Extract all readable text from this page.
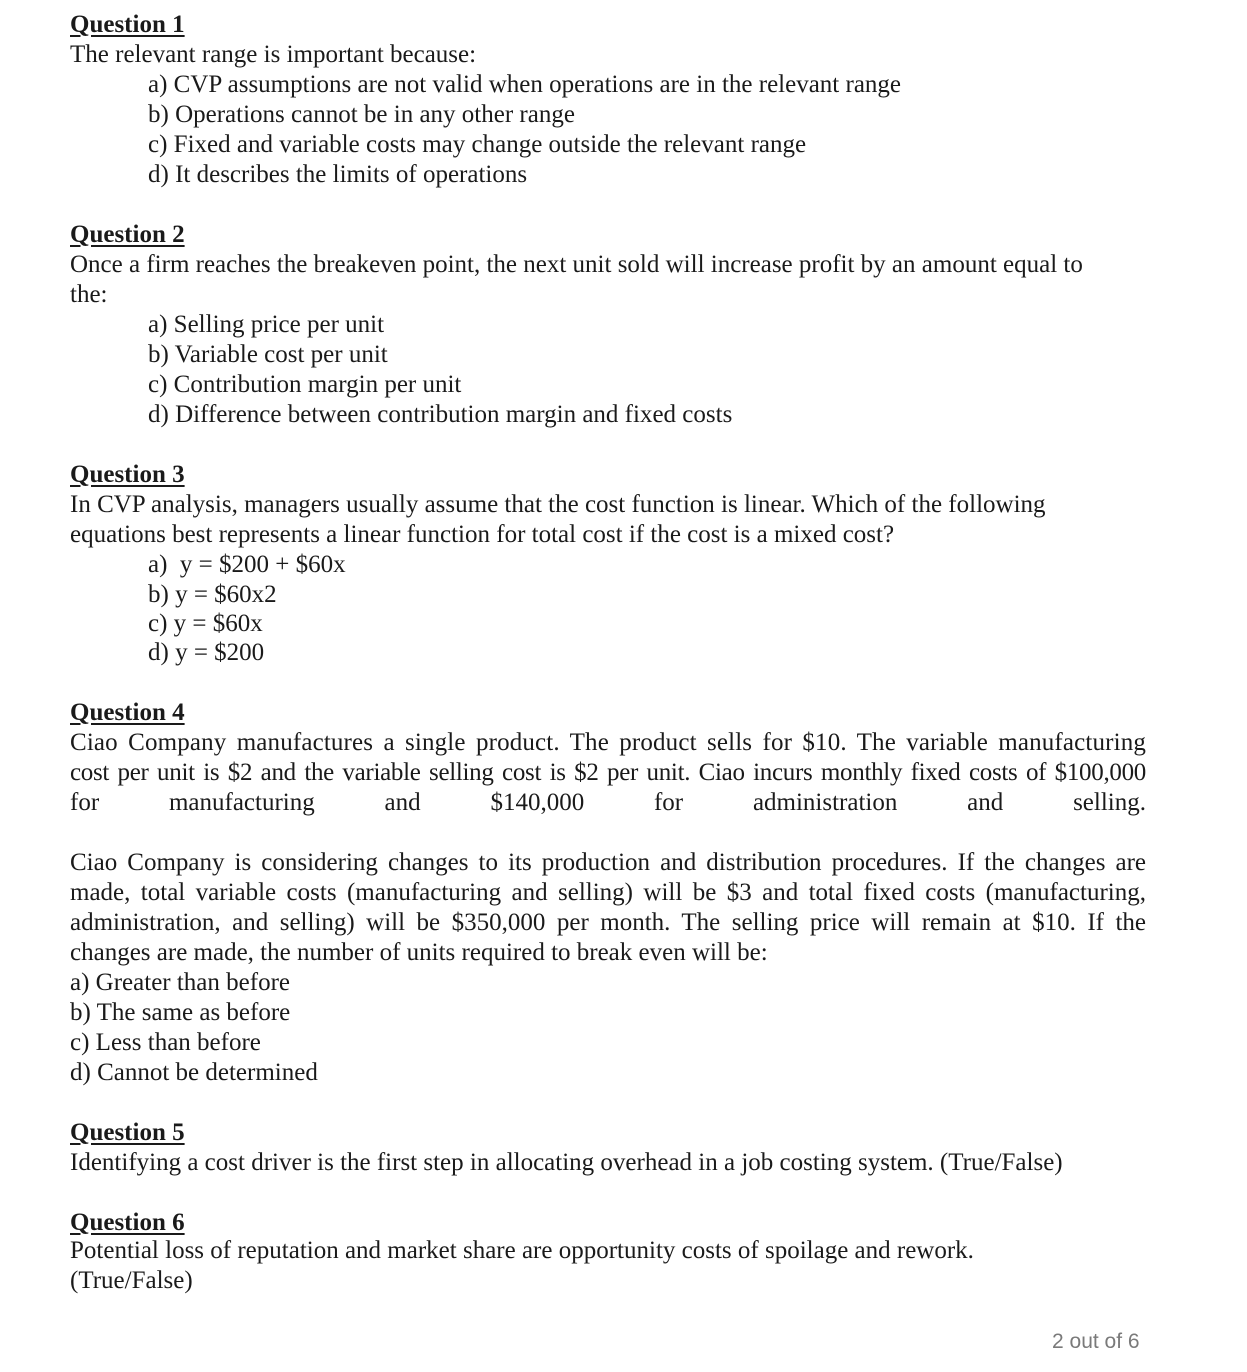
Question 1
The relevant range is important because:
a) CVP assumptions are not valid when operations are in the relevant range
b) Operations cannot be in any other range
c) Fixed and variable costs may change outside the relevant range
d) It describes the limits of operations
Question 2
Once a firm reaches the breakeven point, the next unit sold will increase profit by an amount equal to
the:
a) Selling price per unit
b) Variable cost per unit
c) Contribution margin per unit
d) Difference between contribution margin and fixed costs
Question 3
In CVP analysis, managers usually assume that the cost function is linear. Which of the following
equations best represents a linear function for total cost if the cost is a mixed cost?
a)  y = $200 + $60x
b) y = $60x2
c) y = $60x
d) y = $200
Question 4
Ciao Company manufactures a single product. The product sells for $10. The variable manufacturing
cost per unit is $2 and the variable selling cost is $2 per unit. Ciao incurs monthly fixed costs of $100,000
for	manufacturing	and	$140,000	for	administration	and	selling.
Ciao Company is considering changes to its production and distribution procedures. If the changes are
made, total variable costs (manufacturing and selling) will be $3 and total fixed costs (manufacturing,
administration, and selling) will be $350,000 per month. The selling price will remain at $10. If the
changes are made, the number of units required to break even will be:
a) Greater than before
b) The same as before
c) Less than before
d) Cannot be determined
Question 5
Identifying a cost driver is the first step in allocating overhead in a job costing system. (True/False)
Question 6
Potential loss of reputation and market share are opportunity costs of spoilage and rework.
(True/False)
2 out of 6
